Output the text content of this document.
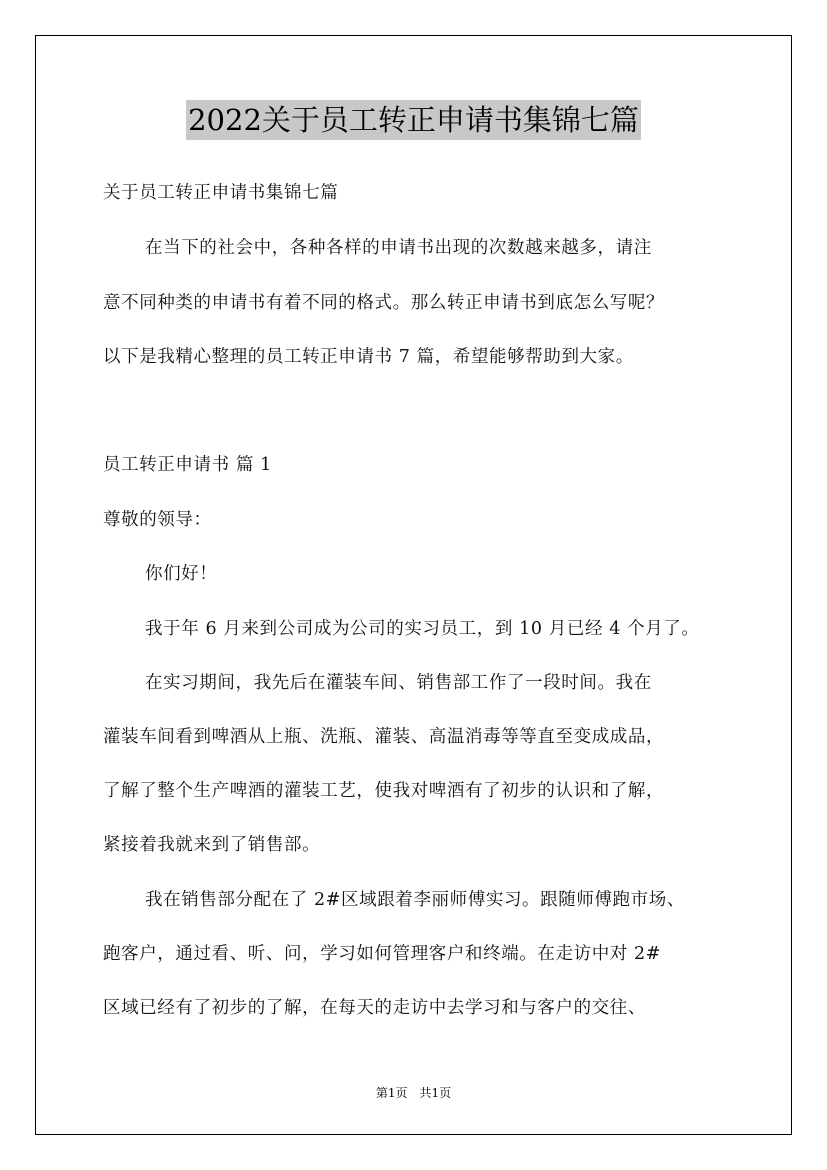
2022关于员工转正申请书集锦七篇

关于员工转正申请书集锦七篇

在当下的社会中，各种各样的申请书出现的次数越来越多，请注

意不同种类的申请书有着不同的格式。那么转正申请书到底怎么写呢？

以下是我精心整理的员工转正申请书 7 篇，希望能够帮助到大家。

员工转正申请书 篇 1

尊敬的领导：

你们好！

我于年 6 月来到公司成为公司的实习员工，到 10 月已经 4 个月了。

在实习期间，我先后在灌装车间、销售部工作了一段时间。我在

灌装车间看到啤酒从上瓶、洗瓶、灌装、高温消毒等等直至变成成品，

了解了整个生产啤酒的灌装工艺，使我对啤酒有了初步的认识和了解，

紧接着我就来到了销售部。

我在销售部分配在了 2#区域跟着李丽师傅实习。跟随师傅跑市场、

跑客户，通过看、听、问，学习如何管理客户和终端。在走访中对 2#

区域已经有了初步的了解，在每天的走访中去学习和与客户的交往、

第1页　共1页
